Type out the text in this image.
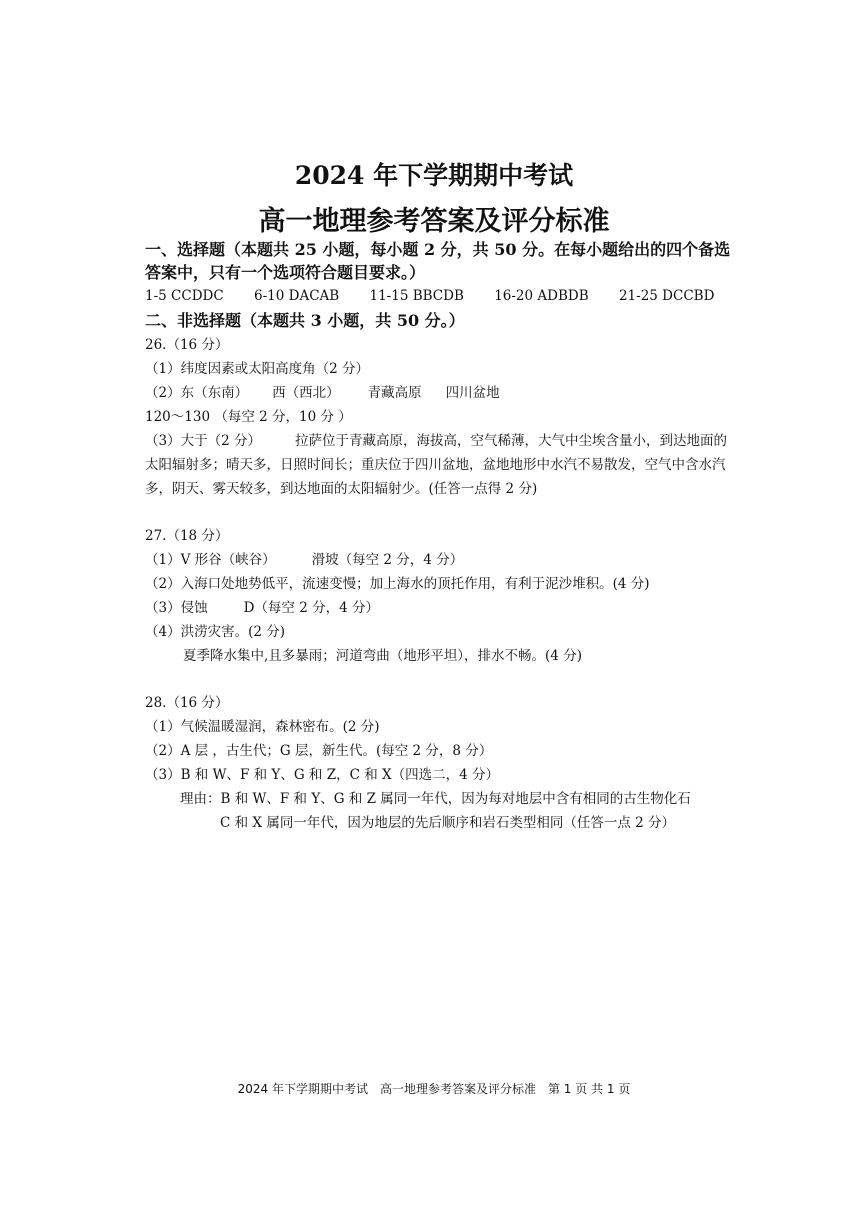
2024 年下学期期中考试
高一地理参考答案及评分标准

一、选择题（本题共 25 小题，每小题 2 分，共 50 分。在每小题给出的四个备选答案中，只有一个选项符合题目要求。）

1-5 CCDDC 6-10 DACAB 11-15 BBCDB 16-20 ADBDB 21-25 DCCBD

二、非选择题（本题共 3 小题，共 50 分。）

26.（16 分）
（1）纬度因素或太阳高度角（2 分）
（2）东（东南） 西（西北） 青藏高原 四川盆地120～130 （每空 2 分，10 分 ）
（3）大于（2 分）	拉萨位于青藏高原，海拔高，空气稀薄，大气中尘埃含量小，到达地面的太阳辐射多；晴天多，日照时间长；重庆位于四川盆地，盆地地形中水汽不易散发，空气中含水汽多，阴天、雾天较多，到达地面的太阳辐射少。(任答一点得 2 分)
27.（18 分）
（1）V 形谷（峡谷）	滑坡（每空 2 分，4 分）
（2）入海口处地势低平，流速变慢；加上海水的顶托作用，有利于泥沙堆积。(4 分)
（3）侵蚀	D（每空 2 分，4 分）
（4）洪涝灾害。(2 分)
夏季降水集中,且多暴雨；河道弯曲（地形平坦），排水不畅。(4 分)
28.（16 分）
（1）气候温暖湿润，森林密布。(2 分)
（2）A 层 ，古生代；G 层，新生代。(每空 2 分，8 分）
（3）B 和 W、F 和 Y、G 和 Z，C 和 X（四选二，4 分）
理由：B 和 W、F 和 Y、G 和 Z 属同一年代，因为每对地层中含有相同的古生物化石
C 和 X 属同一年代，因为地层的先后顺序和岩石类型相同（任答一点 2 分）
2024 年下学期期中考试　高一地理参考答案及评分标准　第 1 页 共 1 页
